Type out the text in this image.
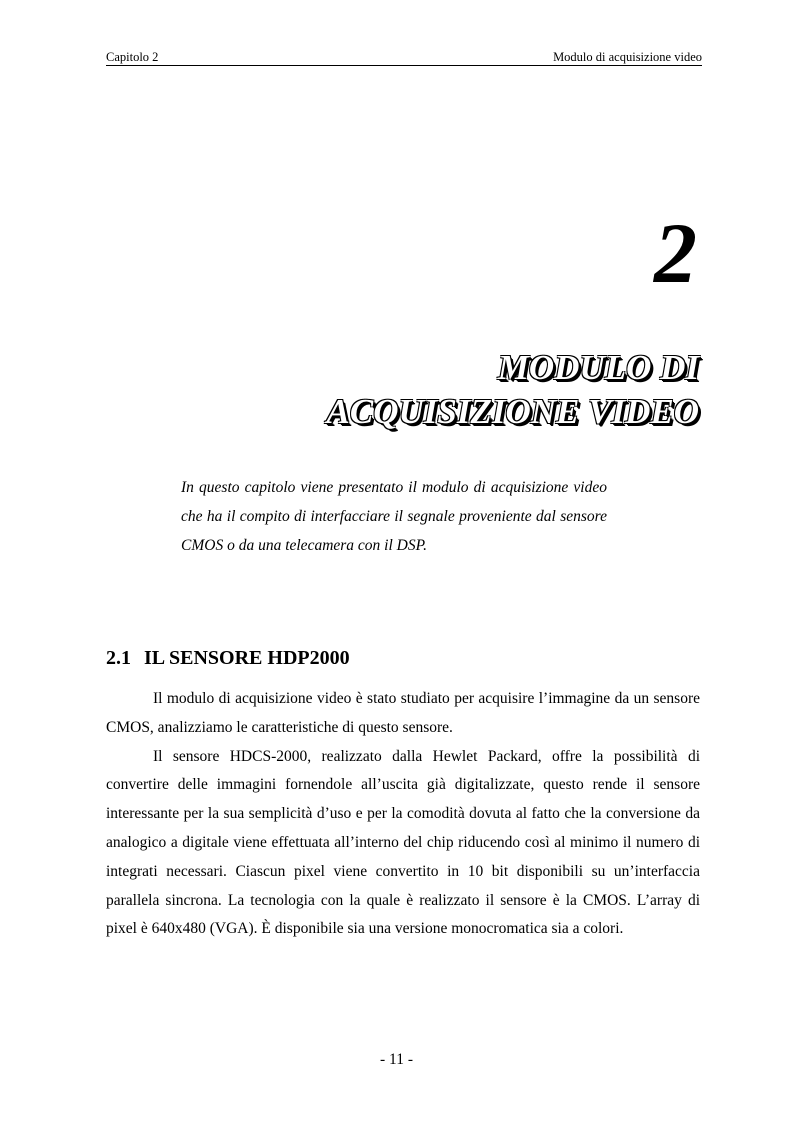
Capitolo 2	Modulo di acquisizione video
2
MODULO DI
ACQUISIZIONE VIDEO

In questo capitolo viene presentato il modulo di acquisizione video che ha il compito di interfacciare il segnale proveniente dal sensore CMOS o da una telecamera con il DSP.

2.1 IL SENSORE HDP2000

Il modulo di acquisizione video è stato studiato per acquisire l’immagine da un sensore CMOS, analizziamo le caratteristiche di questo sensore.

Il sensore HDCS-2000, realizzato dalla Hewlet Packard, offre la possibilità di convertire delle immagini fornendole all’uscita già digitalizzate, questo rende il sensore interessante per la sua semplicità d’uso e per la comodità dovuta al fatto che la conversione da analogico a digitale viene effettuata all’interno del chip riducendo così al minimo il numero di integrati necessari. Ciascun pixel viene convertito in 10 bit disponibili su un’interfaccia parallela sincrona. La tecnologia con la quale è realizzato il sensore è la CMOS. L’array di pixel è 640x480 (VGA). È disponibile sia una versione monocromatica sia a colori.

- 11 -
